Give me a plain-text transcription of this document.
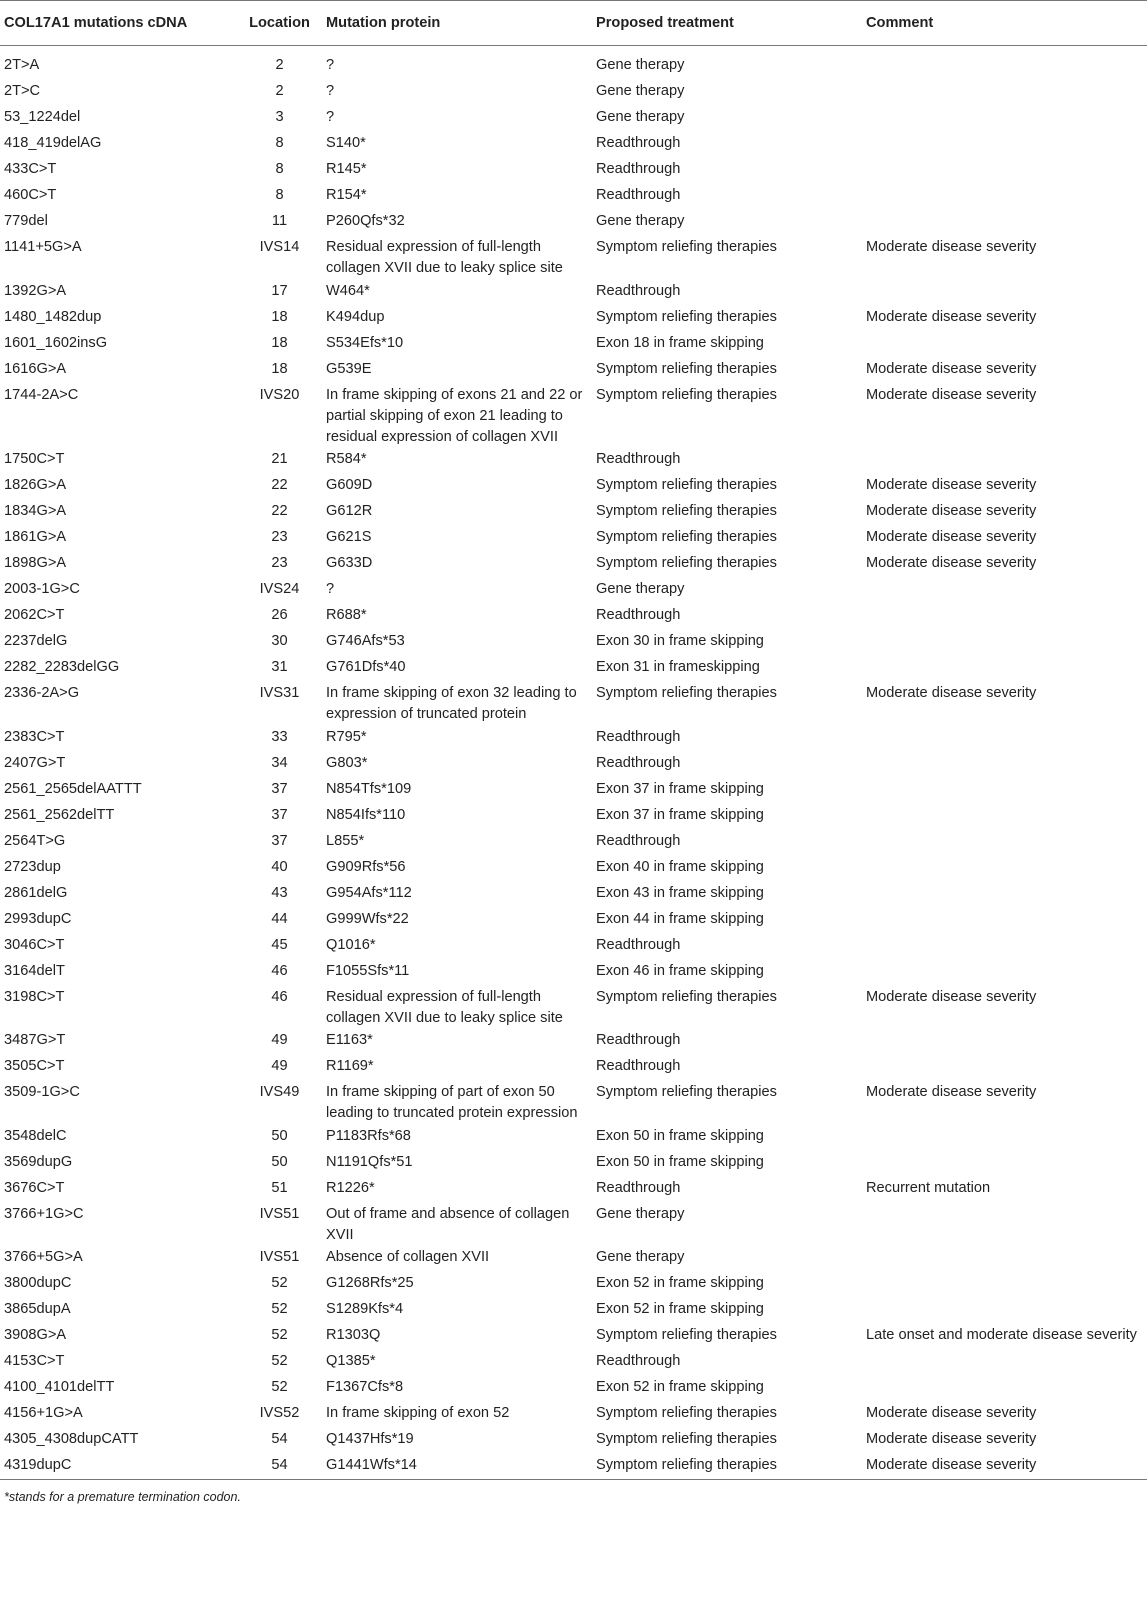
COL17A1 mutations cDNA	Location	Mutation protein	Proposed treatment	Comment

2T>A	2	?	Gene therapy	
2T>C	2	?	Gene therapy	
53_1224del	3	?	Gene therapy	
418_419delAG	8	S140*	Readthrough	
433C>T	8	R145*	Readthrough	
460C>T	8	R154*	Readthrough	
779del	11	P260Qfs*32	Gene therapy	
1141+5G>A	IVS14	Residual expression of full-length collagen XVII due to leaky splice site	Symptom reliefing therapies	Moderate disease severity
1392G>A	17	W464*	Readthrough	
1480_1482dup	18	K494dup	Symptom reliefing therapies	Moderate disease severity
1601_1602insG	18	S534Efs*10	Exon 18 in frame skipping	
1616G>A	18	G539E	Symptom reliefing therapies	Moderate disease severity
1744-2A>C	IVS20	In frame skipping of exons 21 and 22 or partial skipping of exon 21 leading to residual expression of collagen XVII	Symptom reliefing therapies	Moderate disease severity
1750C>T	21	R584*	Readthrough	
1826G>A	22	G609D	Symptom reliefing therapies	Moderate disease severity
1834G>A	22	G612R	Symptom reliefing therapies	Moderate disease severity
1861G>A	23	G621S	Symptom reliefing therapies	Moderate disease severity
1898G>A	23	G633D	Symptom reliefing therapies	Moderate disease severity
2003-1G>C	IVS24	?	Gene therapy	
2062C>T	26	R688*	Readthrough	
2237delG	30	G746Afs*53	Exon 30 in frame skipping	
2282_2283delGG	31	G761Dfs*40	Exon 31 in frameskipping	
2336-2A>G	IVS31	In frame skipping of exon 32 leading to expression of truncated protein	Symptom reliefing therapies	Moderate disease severity
2383C>T	33	R795*	Readthrough	
2407G>T	34	G803*	Readthrough	
2561_2565delAATTT	37	N854Tfs*109	Exon 37 in frame skipping	
2561_2562delTT	37	N854Ifs*110	Exon 37 in frame skipping	
2564T>G	37	L855*	Readthrough	
2723dup	40	G909Rfs*56	Exon 40 in frame skipping	
2861delG	43	G954Afs*112	Exon 43 in frame skipping	
2993dupC	44	G999Wfs*22	Exon 44 in frame skipping	
3046C>T	45	Q1016*	Readthrough	
3164delT	46	F1055Sfs*11	Exon 46 in frame skipping	
3198C>T	46	Residual expression of full-length collagen XVII due to leaky splice site	Symptom reliefing therapies	Moderate disease severity
3487G>T	49	E1163*	Readthrough	
3505C>T	49	R1169*	Readthrough	
3509-1G>C	IVS49	In frame skipping of part of exon 50 leading to truncated protein expression	Symptom reliefing therapies	Moderate disease severity
3548delC	50	P1183Rfs*68	Exon 50 in frame skipping	
3569dupG	50	N1191Qfs*51	Exon 50 in frame skipping	
3676C>T	51	R1226*	Readthrough	Recurrent mutation
3766+1G>C	IVS51	Out of frame and absence of collagen XVII	Gene therapy	
3766+5G>A	IVS51	Absence of collagen XVII	Gene therapy	
3800dupC	52	G1268Rfs*25	Exon 52 in frame skipping	
3865dupA	52	S1289Kfs*4	Exon 52 in frame skipping	
3908G>A	52	R1303Q	Symptom reliefing therapies	Late onset and moderate disease severity
4153C>T	52	Q1385*	Readthrough	
4100_4101delTT	52	F1367Cfs*8	Exon 52 in frame skipping	
4156+1G>A	IVS52	In frame skipping of exon 52	Symptom reliefing therapies	Moderate disease severity
4305_4308dupCATT	54	Q1437Hfs*19	Symptom reliefing therapies	Moderate disease severity
4319dupC	54	G1441Wfs*14	Symptom reliefing therapies	Moderate disease severity
*stands for a premature termination codon.
